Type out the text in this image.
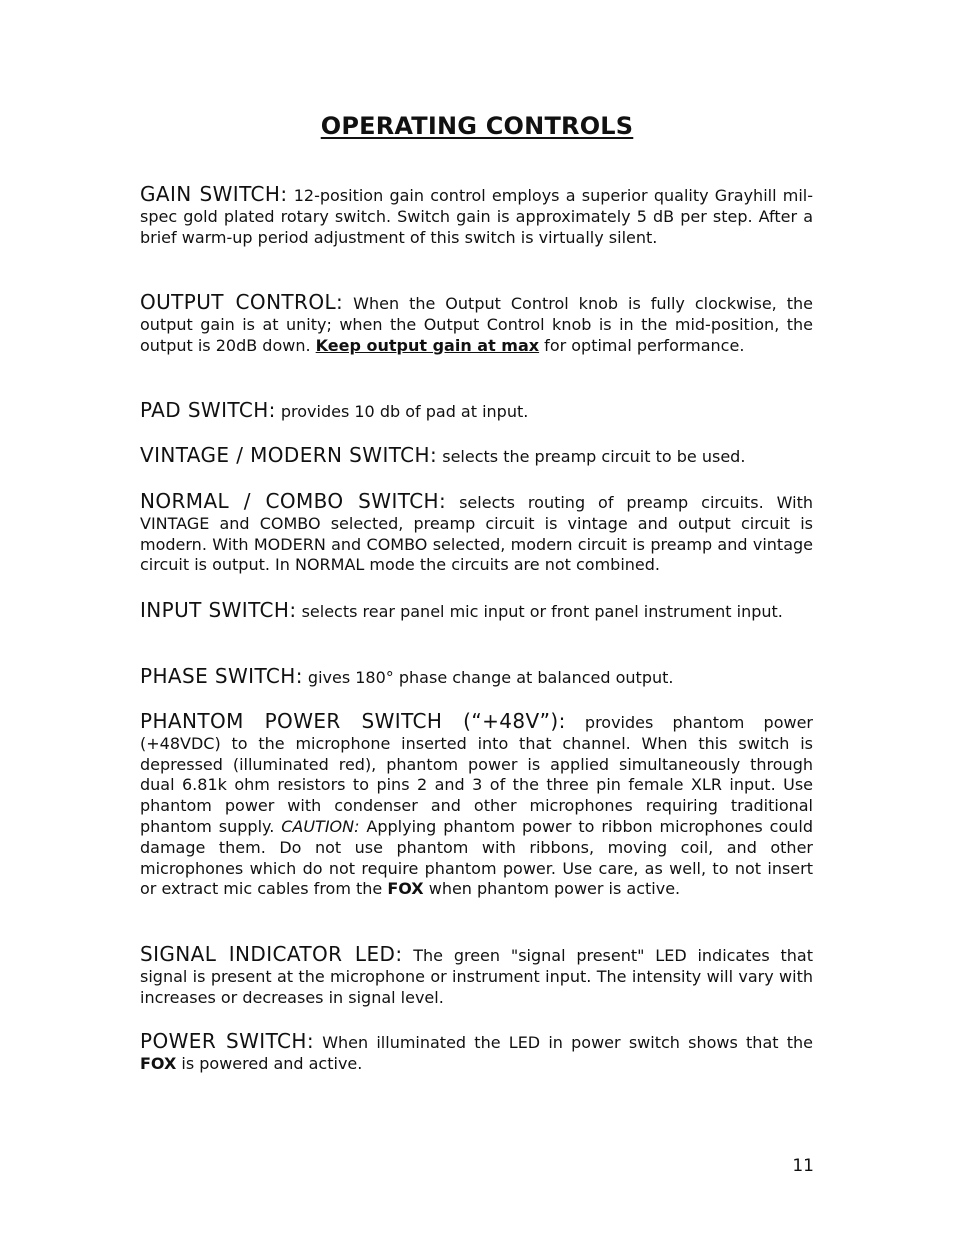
OPERATING CONTROLS
GAIN SWITCH: 12-position gain control employs a superior quality Grayhill mil-spec gold plated rotary switch. Switch gain is approximately 5 dB per step. After a brief warm-up period adjustment of this switch is virtually silent.
OUTPUT CONTROL: When the Output Control knob is fully clockwise, the output gain is at unity; when the Output Control knob is in the mid-position, the output is 20dB down. Keep output gain at max for optimal performance.
PAD SWITCH: provides 10 db of pad at input.
VINTAGE / MODERN SWITCH: selects the preamp circuit to be used.
NORMAL / COMBO SWITCH: selects routing of preamp circuits. With VINTAGE and COMBO selected, preamp circuit is vintage and output circuit is modern. With MODERN and COMBO selected, modern circuit is preamp and vintage circuit is output. In NORMAL mode the circuits are not combined.
INPUT SWITCH: selects rear panel mic input or front panel instrument input.
PHASE SWITCH: gives 180° phase change at balanced output.
PHANTOM POWER SWITCH (“+48V”): provides phantom power (+48VDC) to the microphone inserted into that channel. When this switch is depressed (illuminated red), phantom power is applied simultaneously through dual 6.81k ohm resistors to pins 2 and 3 of the three pin female XLR input. Use phantom power with condenser and other microphones requiring traditional phantom supply. CAUTION: Applying phantom power to ribbon microphones could damage them. Do not use phantom with ribbons, moving coil, and other microphones which do not require phantom power. Use care, as well, to not insert or extract mic cables from the FOX when phantom power is active.
SIGNAL INDICATOR LED: The green "signal present" LED indicates that signal is present at the microphone or instrument input. The intensity will vary with increases or decreases in signal level.
POWER SWITCH: When illuminated the LED in power switch shows that the FOX is powered and active.
11
